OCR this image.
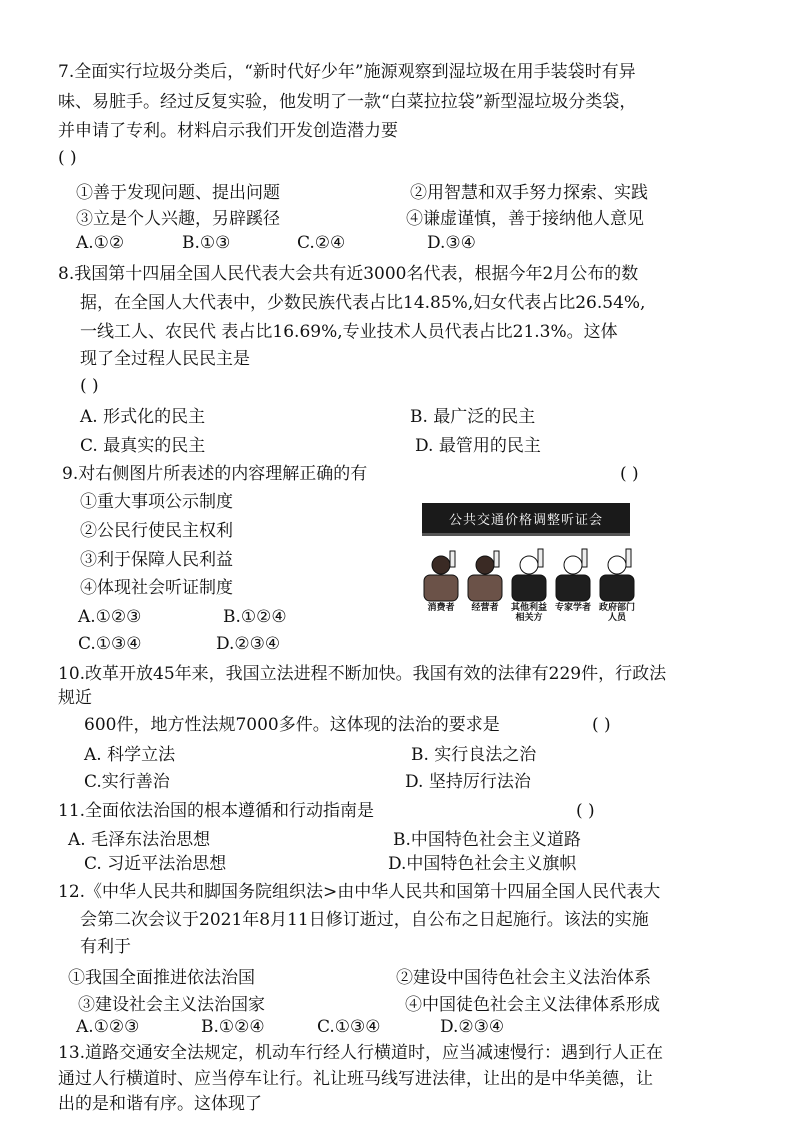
7.全面实行垃圾分类后，“新时代好少年”施源观察到湿垃圾在用手装袋时有异
味、易脏手。经过反复实验，他发明了一款“白菜拉拉袋”新型湿垃圾分类袋，
并申请了专利。材料启示我们开发创造潜力要
( )
①善于发现问题、提出问题	②用智慧和双手努力探索、实践
③立是个人兴趣，另辟蹊径	④谦虚谨慎，善于接纳他人意见
A.①②	B.①③	C.②④	D.③④
8.我国第十四届全国人民代表大会共有近3000名代表，根据今年2月公布的数
据，在全国人大代表中，少数民族代表占比14.85%,妇女代表占比26.54%,
一线工人、农民代 表占比16.69%,专业技术人员代表占比21.3%。这体
现了全过程人民民主是
( )
A. 形式化的民主	B. 最广泛的民主
C. 最真实的民主	D. 最管用的民主
9.对右侧图片所表述的内容理解正确的有	( )
①重大事项公示制度
②公民行使民主权利
③利于保障人民利益
④体现社会听证制度
A.①②③	B.①②④
C.①③④	D.②③④
公共交通价格调整听证会
消费者	经营者	其他利益相关方
专家学者 政府部门人员
10.改革开放45年来，我国立法进程不断加快。我国有效的法律有229件，行政法
规近
600件，地方性法规7000多件。这体现的法治的要求是	( )
A. 科学立法	B. 实行良法之治
C.实行善治	D. 坚持厉行法治
11.全面依法治国的根本遵循和行动指南是	( )
A. 毛泽东法治思想	B.中国特色社会主义道路
C. 习近平法治思想	D.中国特色社会主义旗帜
12.《中华人民共和脚国务院组织法>由中华人民共和国第十四届全国人民代表大
会第二次会议于2021年8月11日修订逝过，自公布之日起施行。该法的实施
有利于
①我国全面推进依法治国	②建设中国待色社会主义法治体系
③建设社会主义法治国家	④中国徒色社会主义法律体系形成
A.①②③	B.①②④	C.①③④	D.②③④
13.道路交通安全法规定，机动车行经人行横道时，应当减速慢行：遇到行人正在
通过人行横道时、应当停车让行。礼让班马线写进法律，让出的是中华美德，让
出的是和谐有序。这体现了
